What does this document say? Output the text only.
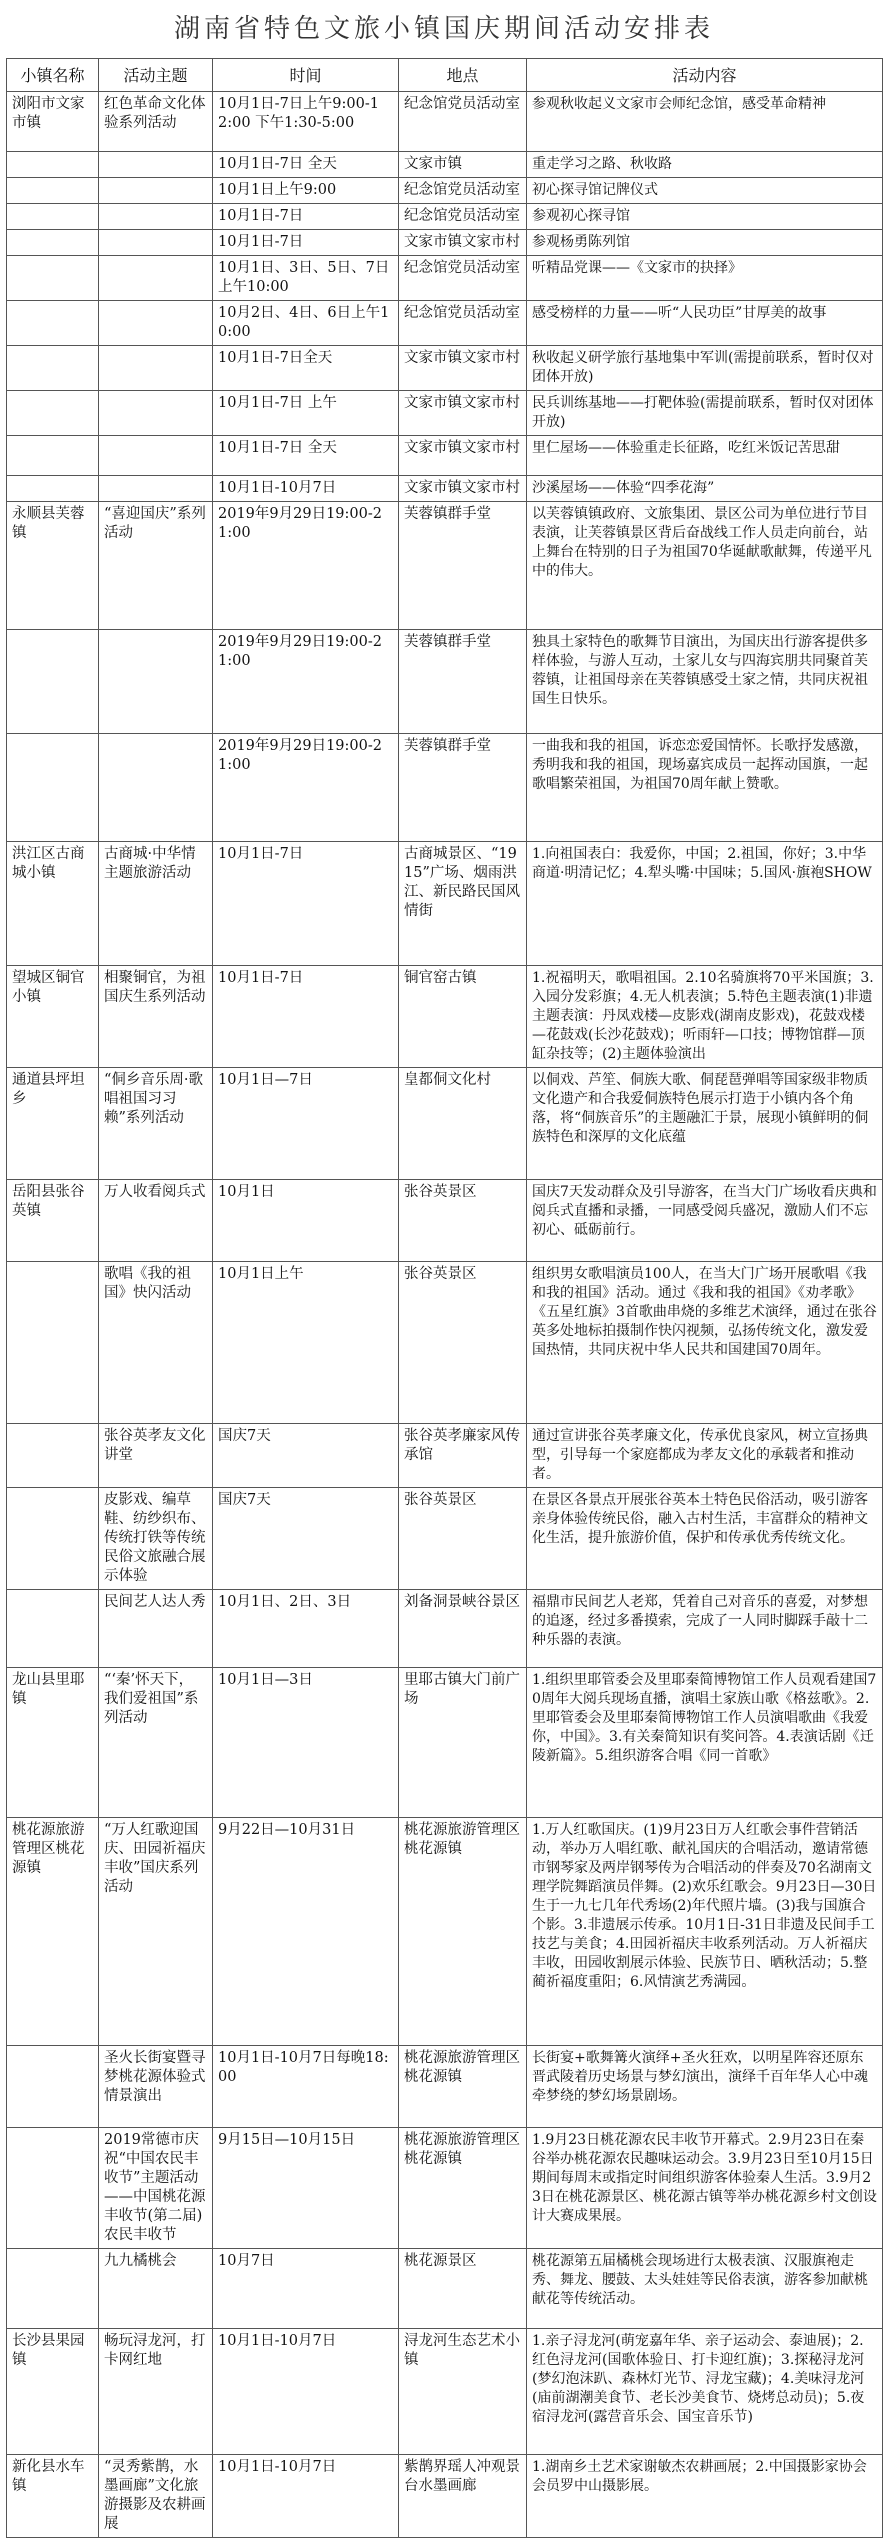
湖南省特色文旅小镇国庆期间活动安排表
小镇名称	活动主题	时间	地点	活动内容
浏阳市文家市镇	红色革命文化体验系列活动	10月1日-7日上午9:00-12:00 下午1:30-5:00	纪念馆党员活动室	参观秋收起义文家市会师纪念馆，感受革命精神
		10月1日-7日 全天	文家市镇	重走学习之路、秋收路
		10月1日上午9:00	纪念馆党员活动室	初心探寻馆记牌仪式
		10月1日-7日	纪念馆党员活动室	参观初心探寻馆
		10月1日-7日	文家市镇文家市村	参观杨勇陈列馆
		10月1日、3日、5日、7日上午10:00	纪念馆党员活动室	听精品党课——《文家市的抉择》
		10月2日、4日、6日上午10:00	纪念馆党员活动室	感受榜样的力量——听“人民功臣”甘厚美的故事
		10月1日-7日全天	文家市镇文家市村	秋收起义研学旅行基地集中军训(需提前联系，暂时仅对团体开放)
		10月1日-7日 上午	文家市镇文家市村	民兵训练基地——打靶体验(需提前联系，暂时仅对团体开放)
		10月1日-7日 全天	文家市镇文家市村	里仁屋场——体验重走长征路，吃红米饭记苦思甜
		10月1日-10月7日	文家市镇文家市村	沙溪屋场——体验“四季花海”
永顺县芙蓉镇	“喜迎国庆”系列活动	2019年9月29日19:00-21:00	芙蓉镇群手堂	以芙蓉镇镇政府、文旅集团、景区公司为单位进行节目表演，让芙蓉镇景区背后奋战线工作人员走向前台，站上舞台在特别的日子为祖国70华诞献歌献舞，传递平凡中的伟大。
		2019年9月29日19:00-21:00	芙蓉镇群手堂	独具土家特色的歌舞节目演出，为国庆出行游客提供多样体验，与游人互动，土家儿女与四海宾朋共同聚首芙蓉镇，让祖国母亲在芙蓉镇感受土家之情，共同庆祝祖国生日快乐。
		2019年9月29日19:00-21:00	芙蓉镇群手堂	一曲我和我的祖国，诉恋恋爱国情怀。长歌抒发感激，秀明我和我的祖国，现场嘉宾成员一起挥动国旗，一起歌唱繁荣祖国，为祖国70周年献上赞歌。
洪江区古商城小镇	古商城·中华情主题旅游活动	10月1日-7日	古商城景区、“1915”广场、烟雨洪江、新民路民国风情街	1.向祖国表白：我爱你，中国；2.祖国，你好；3.中华商道·明清记忆；4.犁头嘴·中国味；5.国风·旗袍SHOW
望城区铜官小镇	相聚铜官，为祖国庆生系列活动	10月1日-7日	铜官窑古镇	1.祝福明天，歌唱祖国。2.10名骑旗将70平米国旗；3.入园分发彩旗；4.无人机表演；5.特色主题表演(1)非遗主题表演：丹凤戏楼—皮影戏(湖南皮影戏)，花鼓戏楼—花鼓戏(长沙花鼓戏)；听雨轩—口技；博物馆群—顶缸杂技等；(2)主题体验演出
通道县坪坦乡	“侗乡音乐周·歌唱祖国习习赖”系列活动	10月1日—7日	皇都侗文化村	以侗戏、芦笙、侗族大歌、侗琵琶弹唱等国家级非物质文化遗产和合我爱侗族特色展示打造于小镇内各个角落，将“侗族音乐”的主题融汇于景，展现小镇鲜明的侗族特色和深厚的文化底蕴
岳阳县张谷英镇	万人收看阅兵式	10月1日	张谷英景区	国庆7天发动群众及引导游客，在当大门广场收看庆典和阅兵式直播和录播，一同感受阅兵盛况，激励人们不忘初心、砥砺前行。
	歌唱《我的祖国》快闪活动	10月1日上午	张谷英景区	组织男女歌唱演员100人，在当大门广场开展歌唱《我和我的祖国》活动。通过《我和我的祖国》《劝孝歌》《五星红旗》3首歌曲串烧的多维艺术演绎，通过在张谷英多处地标拍摄制作快闪视频，弘扬传统文化，激发爱国热情，共同庆祝中华人民共和国建国70周年。
	张谷英孝友文化讲堂	国庆7天	张谷英孝廉家风传承馆	通过宣讲张谷英孝廉文化，传承优良家风，树立宣扬典型，引导每一个家庭都成为孝友文化的承载者和推动者。
	皮影戏、编草鞋、纺纱织布、传统打铁等传统民俗文旅融合展示体验	国庆7天	张谷英景区	在景区各景点开展张谷英本土特色民俗活动，吸引游客亲身体验传统民俗，融入古村生活，丰富群众的精神文化生活，提升旅游价值，保护和传承优秀传统文化。
	民间艺人达人秀	10月1日、2日、3日	刘备洞景峡谷景区	福鼎市民间艺人老郑，凭着自己对音乐的喜爱，对梦想的追逐，经过多番摸索，完成了一人同时脚踩手敲十二种乐器的表演。
龙山县里耶镇	“‘秦’怀天下，我们爱祖国”系列活动	10月1日—3日	里耶古镇大门前广场	1.组织里耶管委会及里耶秦简博物馆工作人员观看建国70周年大阅兵现场直播，演唱土家族山歌《格兹歌》。2.里耶管委会及里耶秦简博物馆工作人员演唱歌曲《我爱你，中国》。3.有关秦简知识有奖问答。4.表演话剧《迁陵新篇》。5.组织游客合唱《同一首歌》
桃花源旅游管理区桃花源镇	“万人红歌迎国庆、田园祈福庆丰收”国庆系列活动	9月22日—10月31日	桃花源旅游管理区桃花源镇	1.万人红歌国庆。(1)9月23日万人红歌会事件营销活动，举办万人唱红歌、献礼国庆的合唱活动，邀请常德市钢琴家及两岸钢琴传为合唱活动的伴奏及70名湖南文理学院舞蹈演员伴舞。(2)欢乐红歌会。9月23日—30日生于一九七几年代秀场(2)年代照片墙。(3)我与国旗合个影。3.非遗展示传承。10月1日-31日非遗及民间手工技艺与美食；4.田园祈福庆丰收系列活动。万人祈福庆丰收，田园收割展示体验、民族节日、晒秋活动；5.整蔺祈福度重阳；6.风情演艺秀满园。
	圣火长街宴暨寻梦桃花源体验式情景演出	10月1日-10月7日每晚18:00	桃花源旅游管理区桃花源镇	长街宴+歌舞篝火演绎+圣火狂欢，以明星阵容还原东晋武陵着历史场景与梦幻演出，演绎千百年华人心中魂牵梦绕的梦幻场景剧场。
	2019常德市庆祝“中国农民丰收节”主题活动——中国桃花源丰收节(第二届)农民丰收节	9月15日—10月15日	桃花源旅游管理区桃花源镇	1.9月23日桃花源农民丰收节开幕式。2.9月23日在秦谷举办桃花源农民趣味运动会。3.9月23日至10月15日期间每周末或指定时间组织游客体验秦人生活。3.9月23日在桃花源景区、桃花源古镇等举办桃花源乡村文创设计大赛成果展。
	九九橘桃会	10月7日	桃花源景区	桃花源第五届橘桃会现场进行太极表演、汉服旗袍走秀、舞龙、腰鼓、太头娃娃等民俗表演，游客参加献桃献花等传统活动。
长沙县果园镇	畅玩浔龙河，打卡网红地	10月1日-10月7日	浔龙河生态艺术小镇	1.亲子浔龙河(萌宠嘉年华、亲子运动会、泰迪展)；2.红色浔龙河(国歌体验日、打卡迎红旗)；3.探秘浔龙河(梦幻泡沫趴、森林灯光节、浔龙宝藏)；4.美味浔龙河(庙前湖潮美食节、老长沙美食节、烧烤总动员)；5.夜宿浔龙河(露营音乐会、国宝音乐节)
新化县水车镇	“灵秀紫鹊，水墨画廊”文化旅游摄影及农耕画展	10月1日-10月7日	紫鹊界瑶人冲观景台水墨画廊	1.湖南乡土艺术家谢敏杰农耕画展；2.中国摄影家协会会员罗中山摄影展。
